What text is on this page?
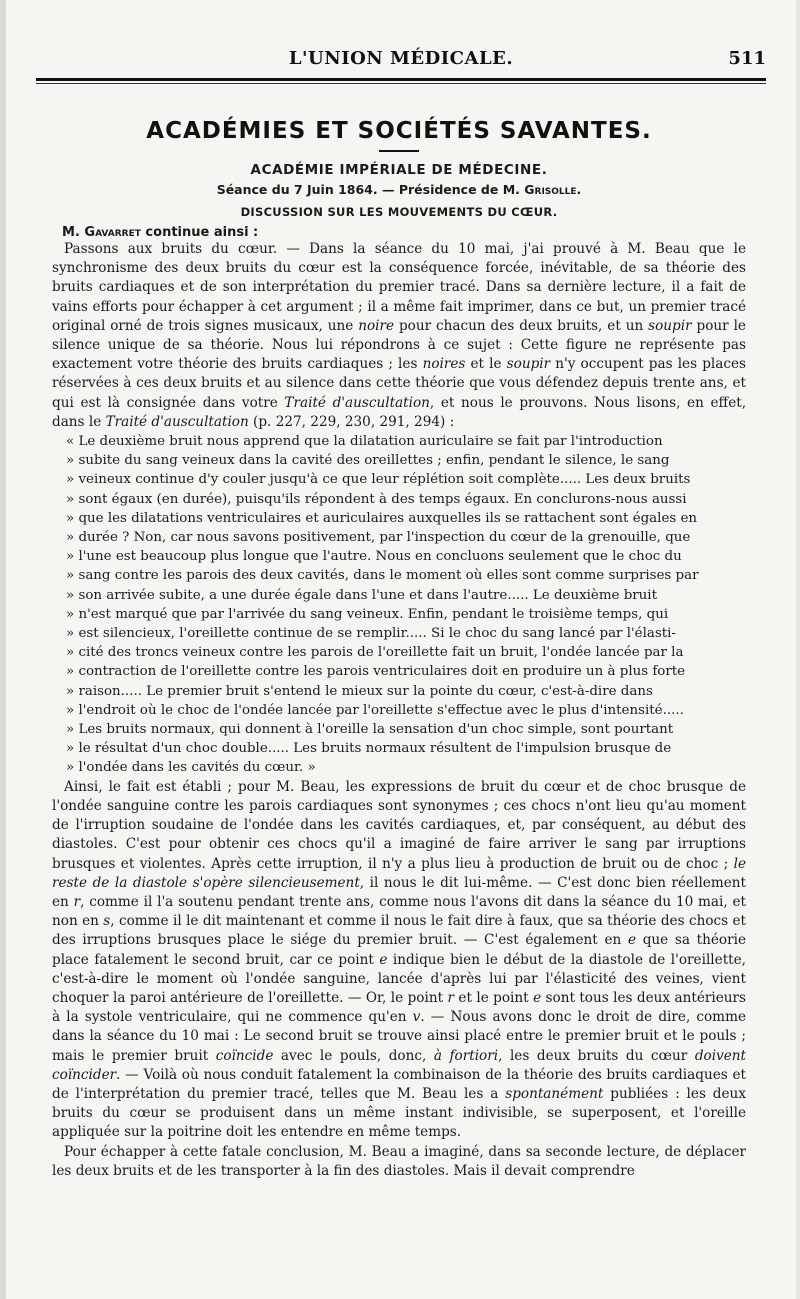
L'UNION MÉDICALE.	511
ACADÉMIES ET SOCIÉTÉS SAVANTES.
ACADÉMIE IMPÉRIALE DE MÉDECINE.
Séance du 7 Juin 1864. — Présidence de M. Grisolle.
DISCUSSION SUR LES MOUVEMENTS DU CŒUR.
M. Gavarret continue ainsi :

Passons aux bruits du cœur. — Dans la séance du 10 mai, j'ai prouvé à M. Beau que le synchronisme des deux bruits du cœur est la conséquence forcée, inévitable, de sa théorie des bruits cardiaques et de son interprétation du premier tracé. Dans sa dernière lecture, il a fait de vains efforts pour échapper à cet argument ; il a même fait imprimer, dans ce but, un premier tracé original orné de trois signes musicaux, une noire pour chacun des deux bruits, et un soupir pour le silence unique de sa théorie. Nous lui répondrons à ce sujet : Cette figure ne représente pas exactement votre théorie des bruits cardiaques ; les noires et le soupir n'y occupent pas les places réservées à ces deux bruits et au silence dans cette théorie que vous défendez depuis trente ans, et qui est là consignée dans votre Traité d'auscultation, et nous le prouvons. Nous lisons, en effet, dans le Traité d'auscultation (p. 227, 229, 230, 291, 294) :

« Le deuxième bruit nous apprend que la dilatation auriculaire se fait par l'introduction
» subite du sang veineux dans la cavité des oreillettes ; enfin, pendant le silence, le sang
» veineux continue d'y couler jusqu'à ce que leur réplétion soit complète..... Les deux bruits
» sont égaux (en durée), puisqu'ils répondent à des temps égaux. En conclurons-nous aussi
» que les dilatations ventriculaires et auriculaires auxquelles ils se rattachent sont égales en
» durée ? Non, car nous savons positivement, par l'inspection du cœur de la grenouille, que
» l'une est beaucoup plus longue que l'autre. Nous en concluons seulement que le choc du
» sang contre les parois des deux cavités, dans le moment où elles sont comme surprises par
» son arrivée subite, a une durée égale dans l'une et dans l'autre..... Le deuxième bruit
» n'est marqué que par l'arrivée du sang veineux. Enfin, pendant le troisième temps, qui
» est silencieux, l'oreillette continue de se remplir..... Si le choc du sang lancé par l'élasti-
» cité des troncs veineux contre les parois de l'oreillette fait un bruit, l'ondée lancée par la
» contraction de l'oreillette contre les parois ventriculaires doit en produire un à plus forte
» raison..... Le premier bruit s'entend le mieux sur la pointe du cœur, c'est-à-dire dans
» l'endroit où le choc de l'ondée lancée par l'oreillette s'effectue avec le plus d'intensité.....
» Les bruits normaux, qui donnent à l'oreille la sensation d'un choc simple, sont pourtant
» le résultat d'un choc double..... Les bruits normaux résultent de l'impulsion brusque de
» l'ondée dans les cavités du cœur. »

Ainsi, le fait est établi ; pour M. Beau, les expressions de bruit du cœur et de choc brusque de l'ondée sanguine contre les parois cardiaques sont synonymes ; ces chocs n'ont lieu qu'au moment de l'irruption soudaine de l'ondée dans les cavités cardiaques, et, par conséquent, au début des diastoles. C'est pour obtenir ces chocs qu'il a imaginé de faire arriver le sang par irruptions brusques et violentes. Après cette irruption, il n'y a plus lieu à production de bruit ou de choc ; le reste de la diastole s'opère silencieusement, il nous le dit lui-même. — C'est donc bien réellement en r, comme il l'a soutenu pendant trente ans, comme nous l'avons dit dans la séance du 10 mai, et non en s, comme il le dit maintenant et comme il nous le fait dire à faux, que sa théorie des chocs et des irruptions brusques place le siége du premier bruit. — C'est également en e que sa théorie place fatalement le second bruit, car ce point e indique bien le début de la diastole de l'oreillette, c'est-à-dire le moment où l'ondée sanguine, lancée d'après lui par l'élasticité des veines, vient choquer la paroi antérieure de l'oreillette. — Or, le point r et le point e sont tous les deux antérieurs à la systole ventriculaire, qui ne commence qu'en v. — Nous avons donc le droit de dire, comme dans la séance du 10 mai : Le second bruit se trouve ainsi placé entre le premier bruit et le pouls ; mais le premier bruit coïncide avec le pouls, donc, à fortiori, les deux bruits du cœur doivent coïncider. — Voilà où nous conduit fatalement la combinaison de la théorie des bruits cardiaques et de l'interprétation du premier tracé, telles que M. Beau les a spontanément publiées : les deux bruits du cœur se produisent dans un même instant indivisible, se superposent, et l'oreille appliquée sur la poitrine doit les entendre en même temps.

Pour échapper à cette fatale conclusion, M. Beau a imaginé, dans sa seconde lecture, de déplacer les deux bruits et de les transporter à la fin des diastoles. Mais il devait comprendre
